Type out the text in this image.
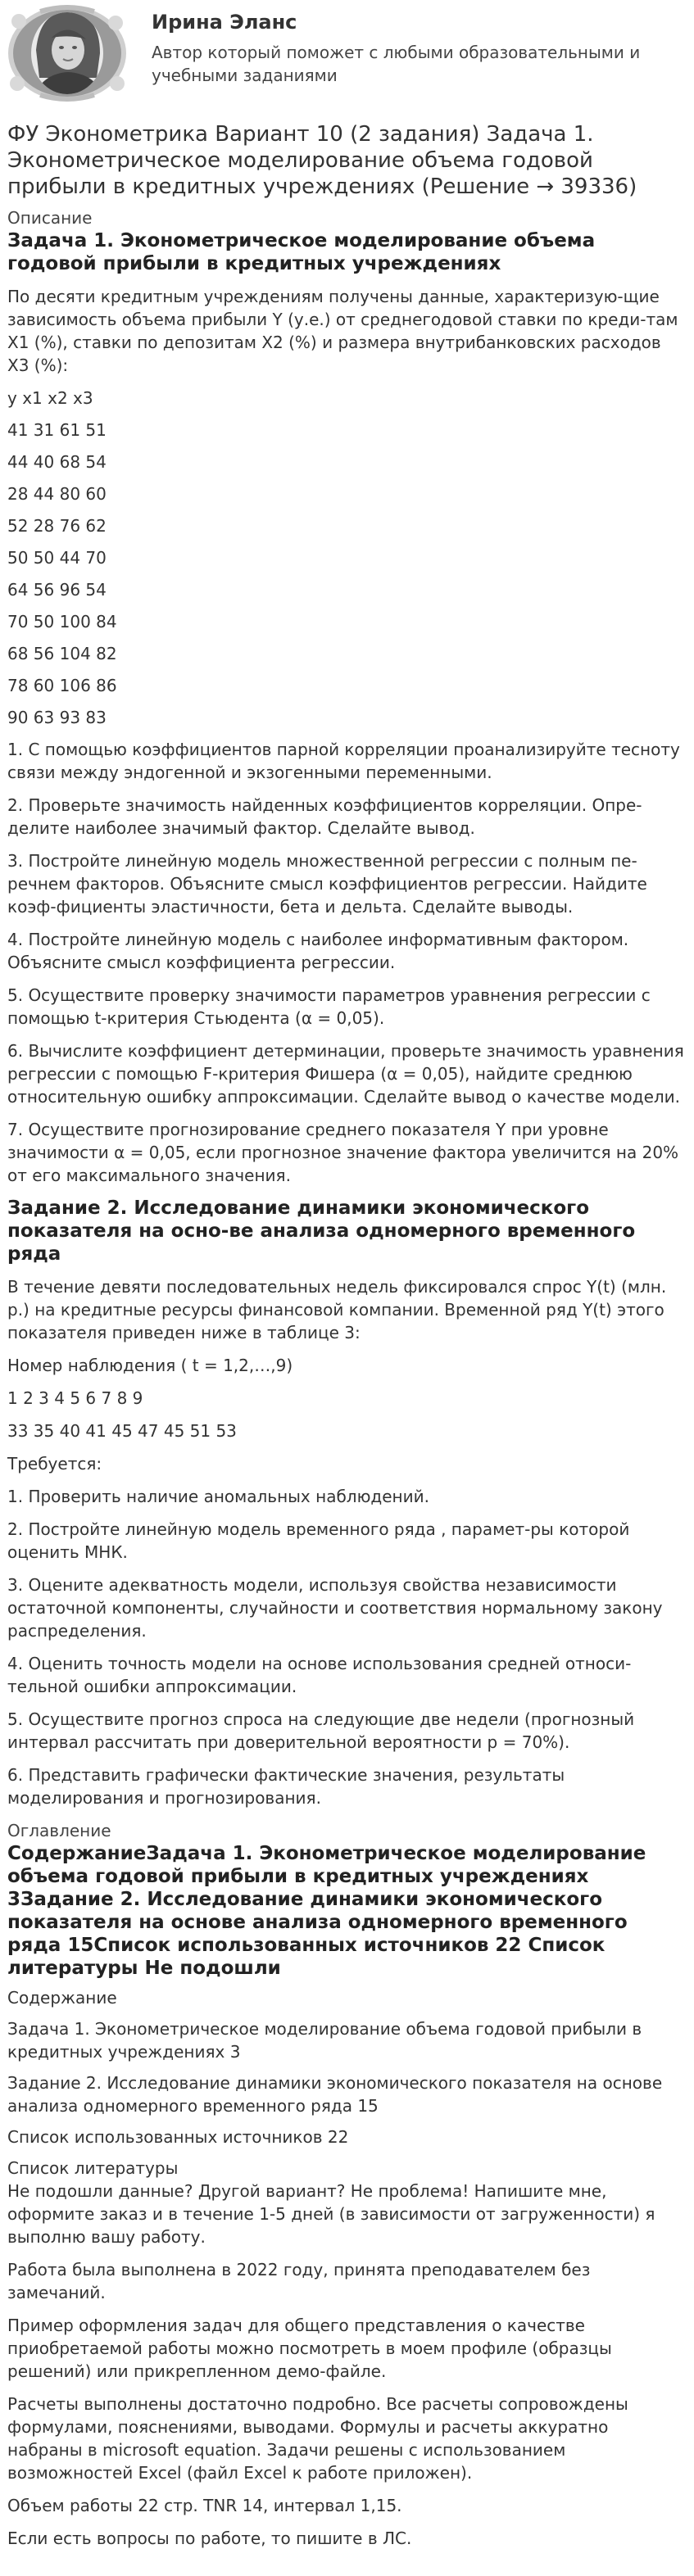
Ирина Эланс
Автор который поможет с любыми образовательными и учебными заданиями
ФУ Эконометрика Вариант 10 (2 задания) Задача 1. Эконометрическое моделирование объема годовой прибыли в кредитных учреждениях (Решение → 39336)

Описание

Задача 1. Эконометрическое моделирование объема годовой прибыли в кредитных учреждениях

По десяти кредитным учреждениям получены данные, характеризую-щие зависимость объема прибыли Y (у.е.) от среднегодовой ставки по креди-там X1 (%), ставки по депозитам X2 (%) и размера внутрибанковских расходов X3 (%):

y x1 x2 x3

41 31 61 51

44 40 68 54

28 44 80 60

52 28 76 62

50 50 44 70

64 56 96 54

70 50 100 84

68 56 104 82

78 60 106 86

90 63 93 83

1. С помощью коэффициентов парной корреляции проанализируйте тесноту связи между эндогенной и экзогенными переменными.

2. Проверьте значимость найденных коэффициентов корреляции. Опре-делите наиболее значимый фактор. Сделайте вывод.

3. Постройте линейную модель множественной регрессии с полным пе-речнем факторов. Объясните смысл коэффициентов регрессии. Найдите коэф-фициенты эластичности, бета и дельта. Сделайте выводы.

4. Постройте линейную модель с наиболее информативным фактором. Объясните смысл коэффициента регрессии.

5. Осуществите проверку значимости параметров уравнения регрессии с помощью t-критерия Стьюдента (α = 0,05).

6. Вычислите коэффициент детерминации, проверьте значимость уравнения регрессии с помощью F-критерия Фишера (α = 0,05), найдите среднюю относительную ошибку аппроксимации. Сделайте вывод о качестве модели.

7. Осуществите прогнозирование среднего показателя Y при уровне значимости α = 0,05, если прогнозное значение фактора увеличится на 20% от его максимального значения.

Задание 2. Исследование динамики экономического показателя на осно-ве анализа одномерного временного ряда

В течение девяти последовательных недель фиксировался спрос Y(t) (млн. р.) на кредитные ресурсы финансовой компании. Временной ряд Y(t) этого показателя приведен ниже в таблице 3:

Номер наблюдения ( t = 1,2,…,9)

1 2 3 4 5 6 7 8 9

33 35 40 41 45 47 45 51 53

Требуется:

1. Проверить наличие аномальных наблюдений.

2. Постройте линейную модель временного ряда , парамет-ры которой оценить МНК.

3. Оцените адекватность модели, используя свойства независимости остаточной компоненты, случайности и соответствия нормальному закону распределения.

4. Оценить точность модели на основе использования средней относи-тельной ошибки аппроксимации.

5. Осуществите прогноз спроса на следующие две недели (прогнозный интервал рассчитать при доверительной вероятности p = 70%).

6. Представить графически фактические значения, результаты моделирования и прогнозирования.

Оглавление

СодержаниеЗадача 1. Эконометрическое моделирование объема годовой прибыли в кредитных учреждениях 3Задание 2. Исследование динамики экономического показателя на основе анализа одномерного временного ряда 15Список использованных источников 22 Список литературы Не подошли

Содержание

Задача 1. Эконометрическое моделирование объема годовой прибыли в кредитных учреждениях 3

Задание 2. Исследование динамики экономического показателя на основе анализа одномерного временного ряда 15

Список использованных источников 22

Список литературы

Не подошли данные? Другой вариант? Не проблема! Напишите мне, оформите заказ и в течение 1-5 дней (в зависимости от загруженности) я выполню вашу работу.

Работа была выполнена в 2022 году, принята преподавателем без замечаний.

Пример оформления задач для общего представления о качестве приобретаемой работы можно посмотреть в моем профиле (образцы решений) или прикрепленном демо-файле.

Расчеты выполнены достаточно подробно. Все расчеты сопровождены формулами, пояснениями, выводами. Формулы и расчеты аккуратно набраны в microsoft equation. Задачи решены с использованием возможностей Excel (файл Excel к работе приложен).

Объем работы 22 стр. TNR 14, интервал 1,15.

Если есть вопросы по работе, то пишите в ЛС.
